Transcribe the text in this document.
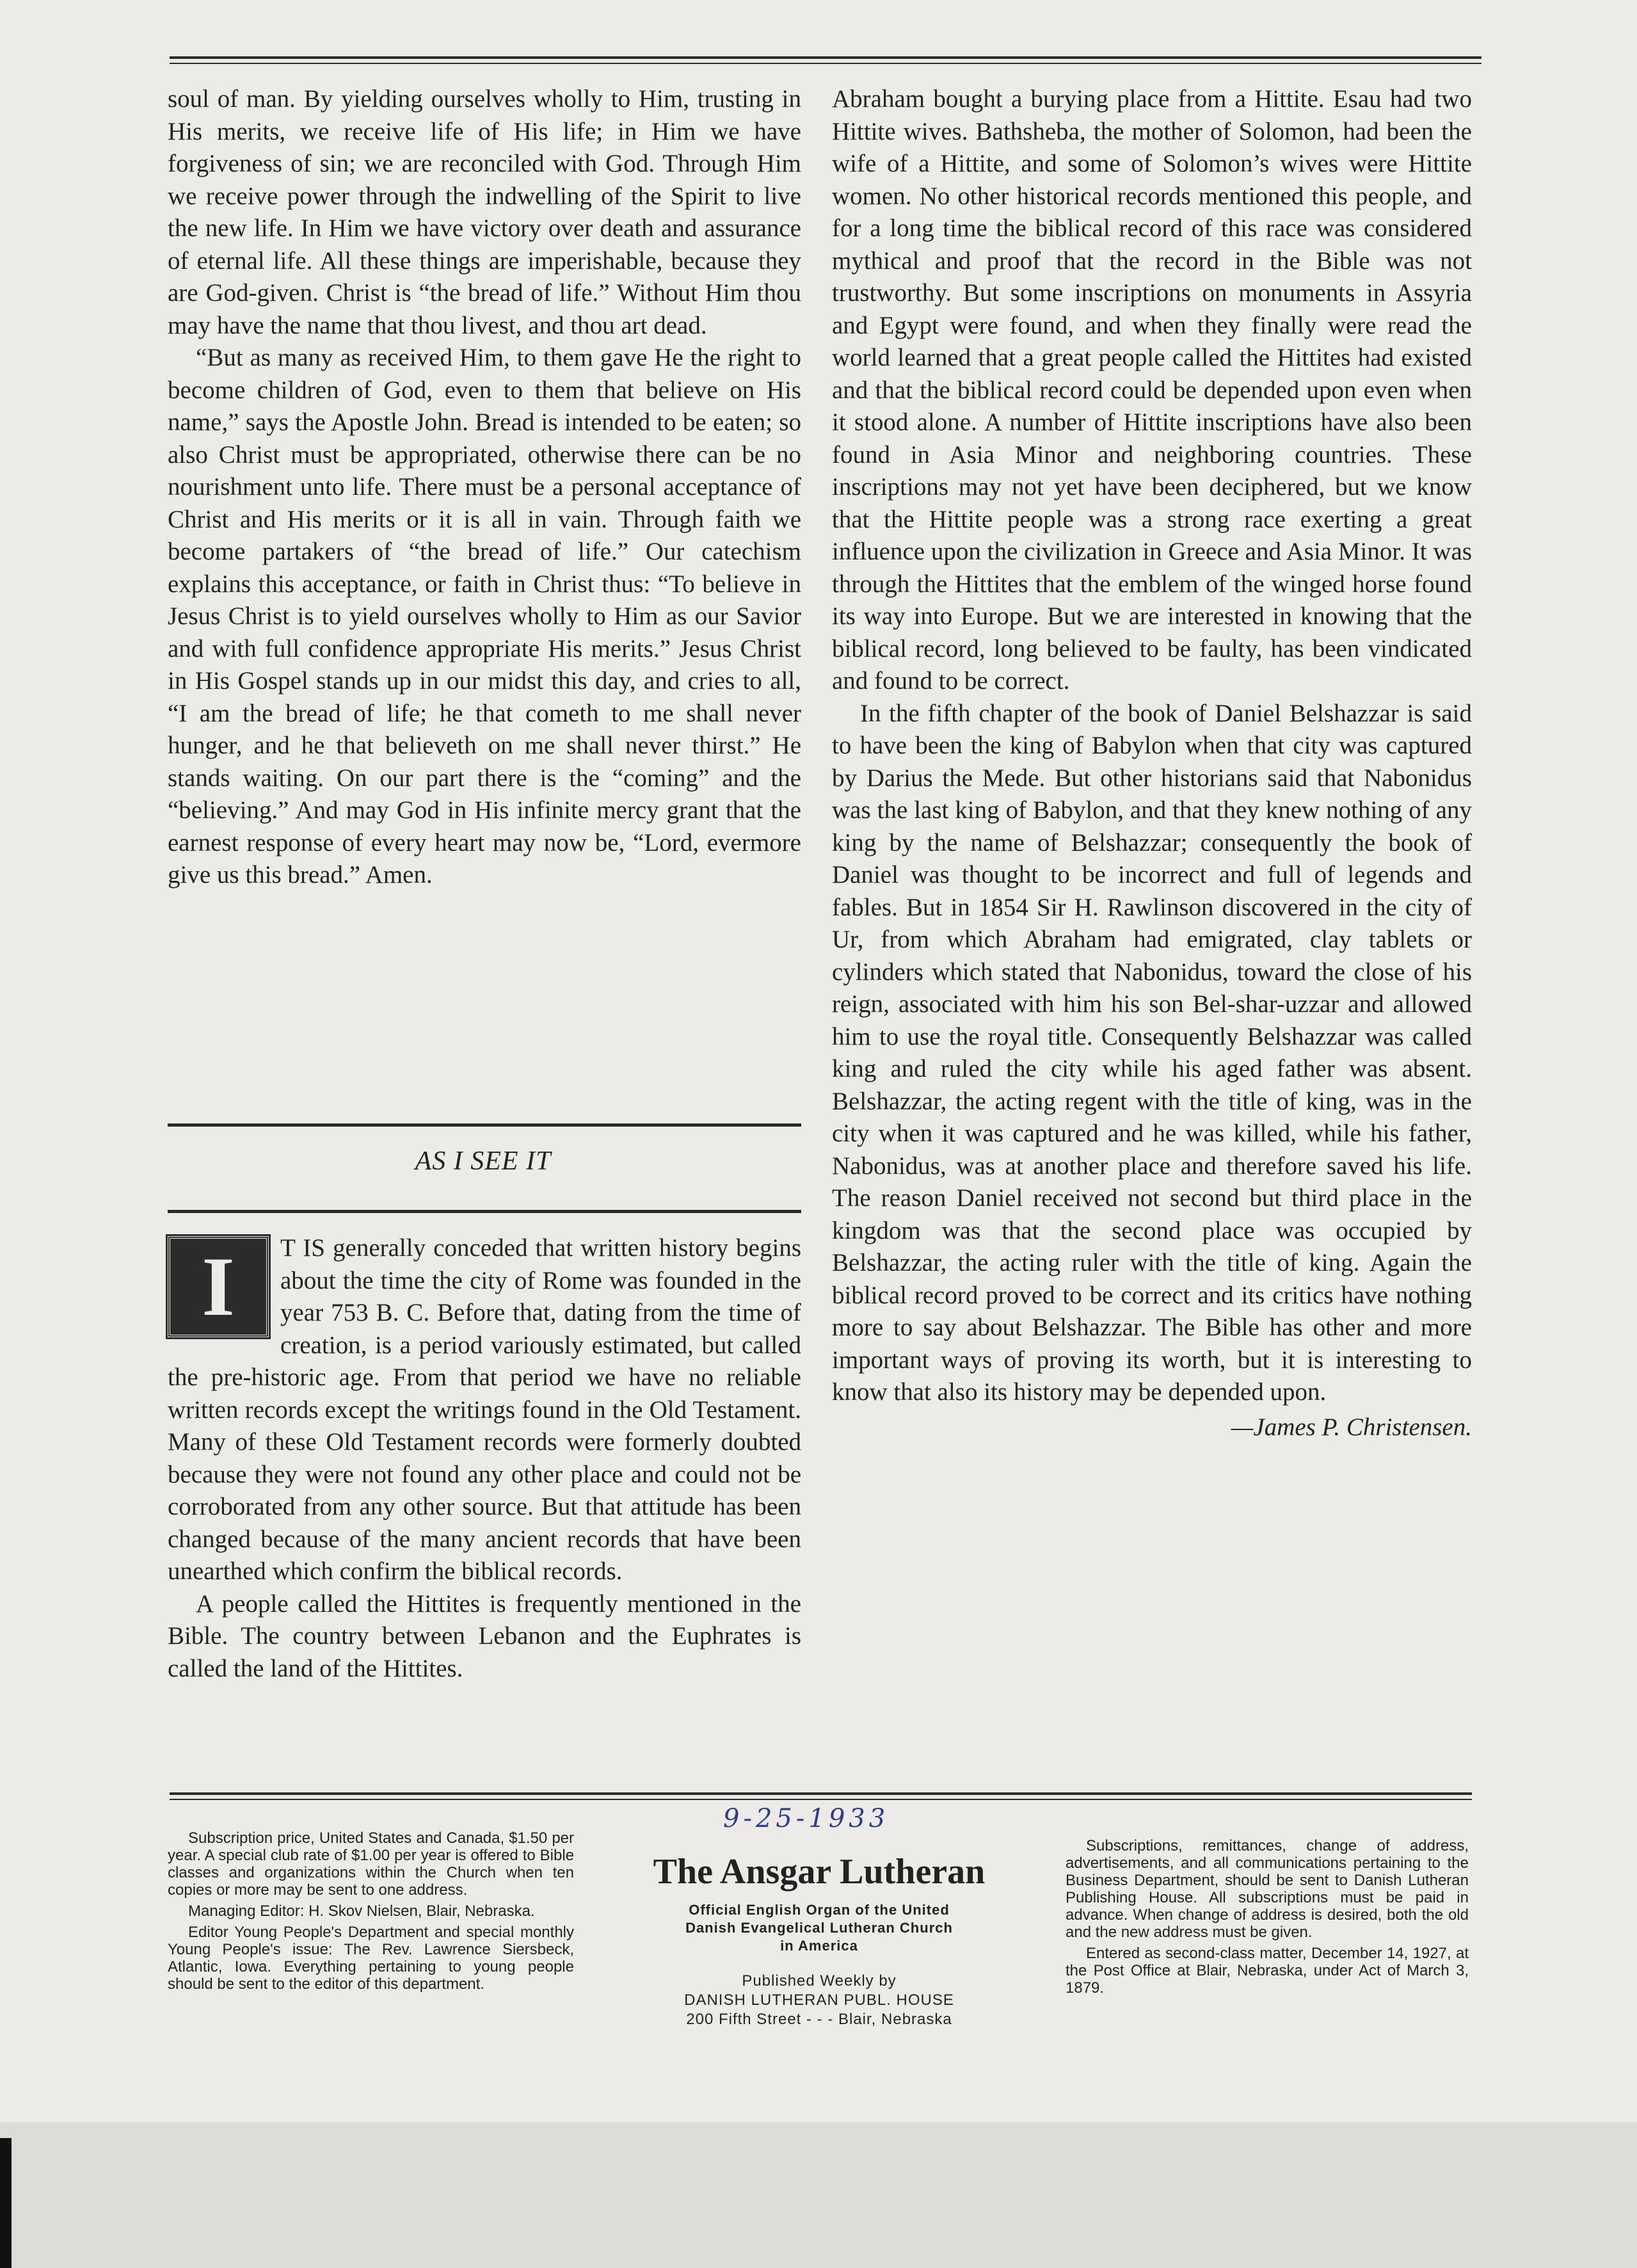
soul of man. By yielding ourselves wholly to Him, trusting in His merits, we receive life of His life; in Him we have forgiveness of sin; we are reconciled with God. Through Him we receive power through the indwelling of the Spirit to live the new life. In Him we have victory over death and assurance of eternal life. All these things are imperishable, because they are God-given. Christ is “the bread of life.” Without Him thou may have the name that thou livest, and thou art dead.

“But as many as received Him, to them gave He the right to become children of God, even to them that believe on His name,” says the Apostle John. Bread is intended to be eaten; so also Christ must be appropriated, otherwise there can be no nourishment unto life. There must be a personal acceptance of Christ and His merits or it is all in vain. Through faith we become partakers of “the bread of life.” Our catechism explains this acceptance, or faith in Christ thus: “To believe in Jesus Christ is to yield ourselves wholly to Him as our Savior and with full confidence appropriate His merits.” Jesus Christ in His Gospel stands up in our midst this day, and cries to all, “I am the bread of life; he that cometh to me shall never hunger, and he that believeth on me shall never thirst.” He stands waiting. On our part there is the “coming” and the “believing.” And may God in His infinite mercy grant that the earnest response of every heart may now be, “Lord, evermore give us this bread.” Amen.

AS I SEE IT

I	T IS generally conceded that written history begins about the time the city of Rome was founded in the year 753 B. C. Before that, dating from the time of creation, is a period variously estimated, but called the pre-historic age. From that period we have no reliable written records except the writings found in the Old Testament. Many of these Old Testament records were formerly doubted because they were not found any other place and could not be corroborated from any other source. But that attitude has been changed because of the many ancient records that have been unearthed which confirm the biblical records.

A people called the Hittites is frequently mentioned in the Bible. The country between Lebanon and the Euphrates is called the land of the Hittites.

Abraham bought a burying place from a Hittite. Esau had two Hittite wives. Bathsheba, the mother of Solomon, had been the wife of a Hittite, and some of Solomon’s wives were Hittite women. No other historical records mentioned this people, and for a long time the biblical record of this race was considered mythical and proof that the record in the Bible was not trustworthy. But some inscriptions on monuments in Assyria and Egypt were found, and when they finally were read the world learned that a great people called the Hittites had existed and that the biblical record could be depended upon even when it stood alone. A number of Hittite inscriptions have also been found in Asia Minor and neighboring countries. These inscriptions may not yet have been deciphered, but we know that the Hittite people was a strong race exerting a great influence upon the civilization in Greece and Asia Minor. It was through the Hittites that the emblem of the winged horse found its way into Europe. But we are interested in knowing that the biblical record, long believed to be faulty, has been vindicated and found to be correct.

In the fifth chapter of the book of Daniel Belshazzar is said to have been the king of Babylon when that city was captured by Darius the Mede. But other historians said that Nabonidus was the last king of Babylon, and that they knew nothing of any king by the name of Belshazzar; consequently the book of Daniel was thought to be incorrect and full of legends and fables. But in 1854 Sir H. Rawlinson discovered in the city of Ur, from which Abraham had emigrated, clay tablets or cylinders which stated that Nabonidus, toward the close of his reign, associated with him his son Bel-shar-uzzar and allowed him to use the royal title. Consequently Belshazzar was called king and ruled the city while his aged father was absent. Belshazzar, the acting regent with the title of king, was in the city when it was captured and he was killed, while his father, Nabonidus, was at another place and therefore saved his life. The reason Daniel received not second but third place in the kingdom was that the second place was occupied by Belshazzar, the acting ruler with the title of king. Again the biblical record proved to be correct and its critics have nothing more to say about Belshazzar. The Bible has other and more important ways of proving its worth, but it is interesting to know that also its history may be depended upon.

—James P. Christensen.

Subscription price, United States and Canada, $1.50 per year. A special club rate of $1.00 per year is offered to Bible classes and organizations within the Church when ten copies or more may be sent to one address.

Managing Editor: H. Skov Nielsen, Blair, Nebraska.

Editor Young People's Department and special monthly Young People's issue: The Rev. Lawrence Siersbeck, Atlantic, Iowa. Everything pertaining to young people should be sent to the editor of this department.

9-25-1933
The Ansgar Lutheran
Official English Organ of the United
Danish Evangelical Lutheran Church
in America
Published Weekly by
DANISH LUTHERAN PUBL. HOUSE
200 Fifth Street - - - Blair, Nebraska

Subscriptions, remittances, change of address, advertisements, and all communications pertaining to the Business Department, should be sent to Danish Lutheran Publishing House. All subscriptions must be paid in advance. When change of address is desired, both the old and the new address must be given.

Entered as second-class matter, December 14, 1927, at the Post Office at Blair, Nebraska, under Act of March 3, 1879.
